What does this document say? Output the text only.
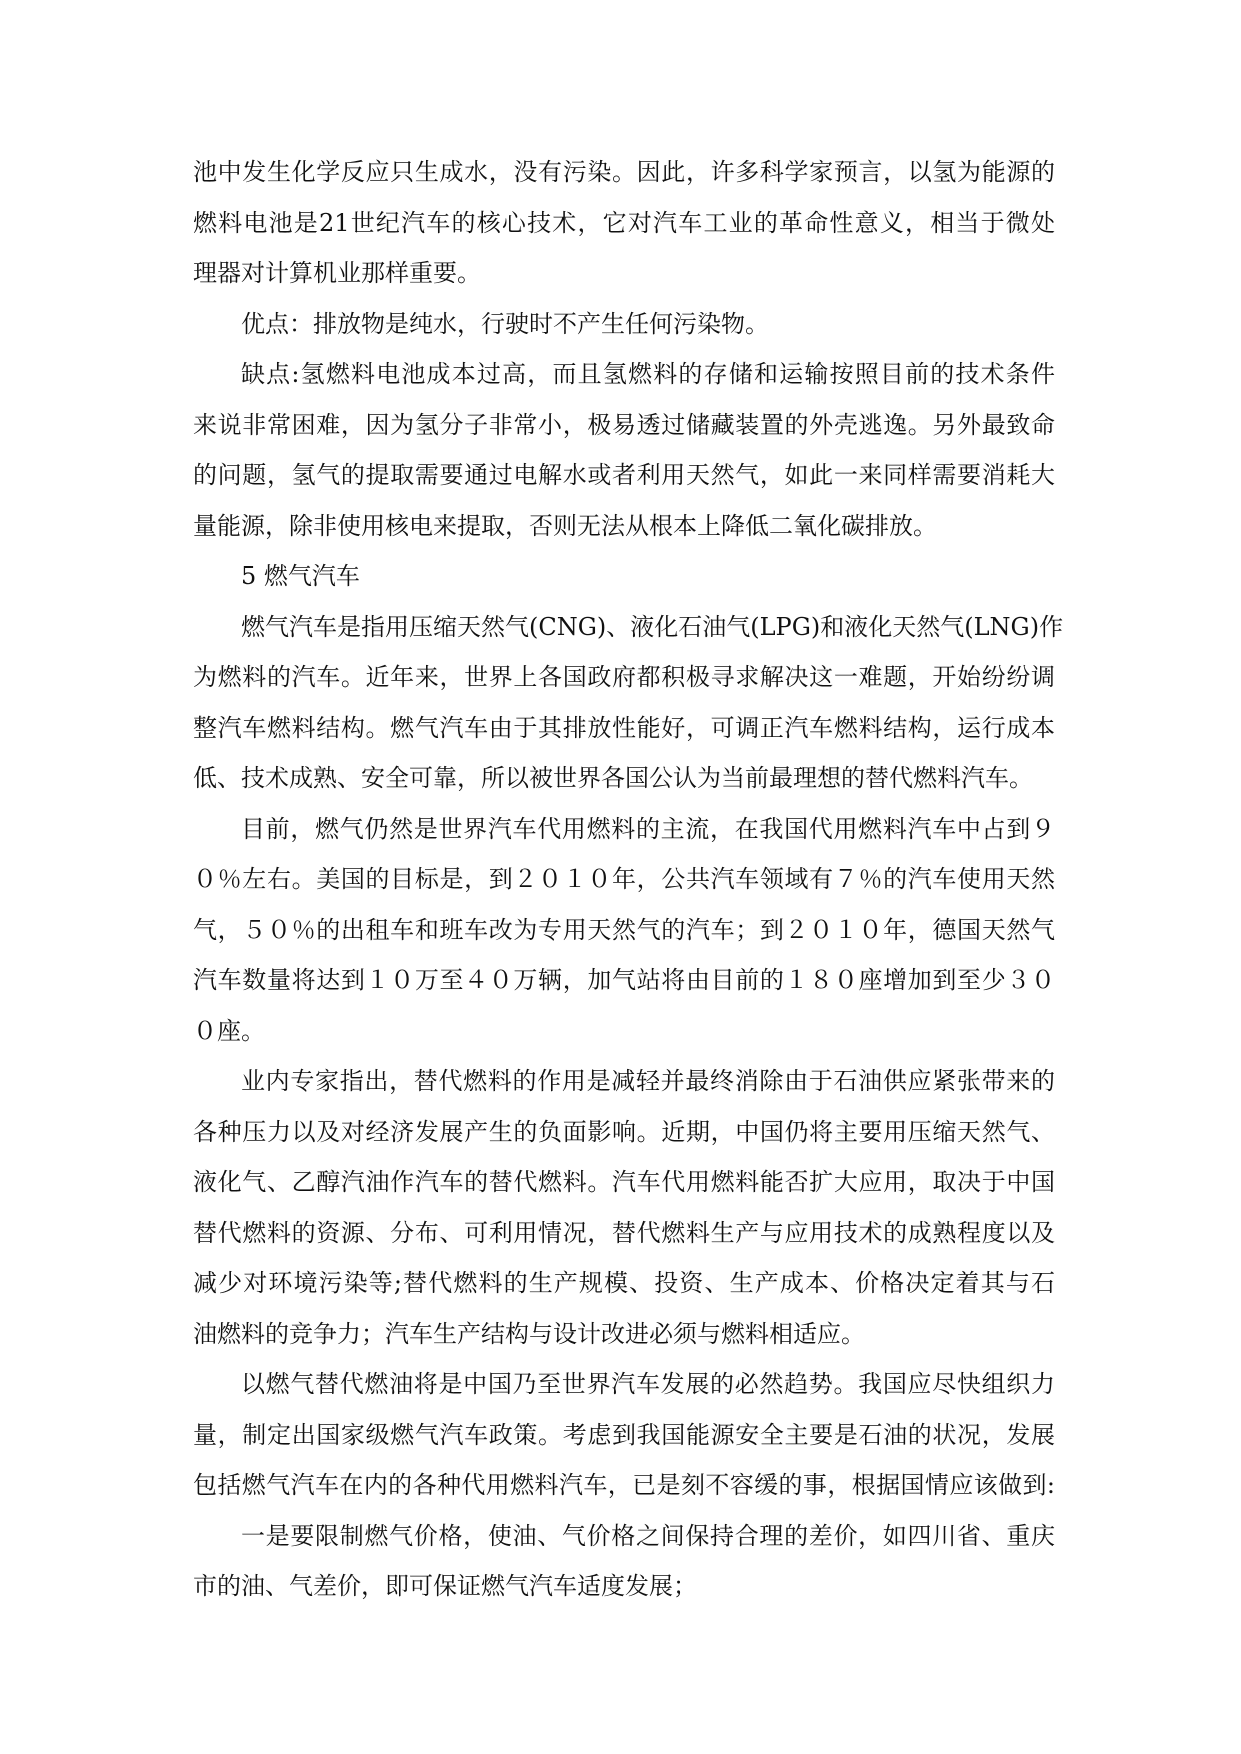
池中发生化学反应只生成水，没有污染。因此，许多科学家预言，以氢为能源的
燃料电池是21世纪汽车的核心技术，它对汽车工业的革命性意义，相当于微处
理器对计算机业那样重要。
优点：排放物是纯水，行驶时不产生任何污染物。
缺点:氢燃料电池成本过高，而且氢燃料的存储和运输按照目前的技术条件
来说非常困难，因为氢分子非常小，极易透过储藏装置的外壳逃逸。另外最致命
的问题，氢气的提取需要通过电解水或者利用天然气，如此一来同样需要消耗大
量能源，除非使用核电来提取，否则无法从根本上降低二氧化碳排放。
5 燃气汽车
燃气汽车是指用压缩天然气(CNG)、液化石油气(LPG)和液化天然气(LNG)作
为燃料的汽车。近年来，世界上各国政府都积极寻求解决这一难题，开始纷纷调
整汽车燃料结构。燃气汽车由于其排放性能好，可调正汽车燃料结构，运行成本
低、技术成熟、安全可靠，所以被世界各国公认为当前最理想的替代燃料汽车。
目前，燃气仍然是世界汽车代用燃料的主流，在我国代用燃料汽车中占到９
０％左右。美国的目标是，到２０１０年，公共汽车领域有７％的汽车使用天然
气，５０％的出租车和班车改为专用天然气的汽车；到２０１０年，德国天然气
汽车数量将达到１０万至４０万辆，加气站将由目前的１８０座增加到至少３０
０座。
业内专家指出，替代燃料的作用是减轻并最终消除由于石油供应紧张带来的
各种压力以及对经济发展产生的负面影响。近期，中国仍将主要用压缩天然气、
液化气、乙醇汽油作汽车的替代燃料。汽车代用燃料能否扩大应用，取决于中国
替代燃料的资源、分布、可利用情况，替代燃料生产与应用技术的成熟程度以及
减少对环境污染等;替代燃料的生产规模、投资、生产成本、价格决定着其与石
油燃料的竞争力；汽车生产结构与设计改进必须与燃料相适应。
以燃气替代燃油将是中国乃至世界汽车发展的必然趋势。我国应尽快组织力
量，制定出国家级燃气汽车政策。考虑到我国能源安全主要是石油的状况，发展
包括燃气汽车在内的各种代用燃料汽车，已是刻不容缓的事，根据国情应该做到:
一是要限制燃气价格，使油、气价格之间保持合理的差价，如四川省、重庆
市的油、气差价，即可保证燃气汽车适度发展；
